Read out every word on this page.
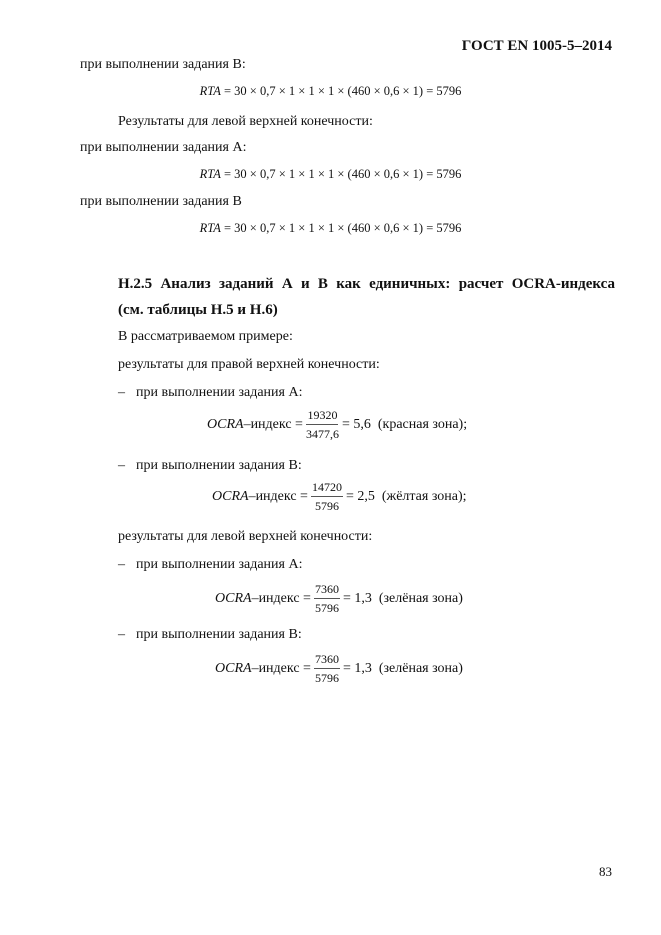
ГОСТ EN 1005-5–2014
при выполнении задания В:
RTA = 30 × 0,7 × 1 × 1 × 1 × (460 × 0,6 × 1) = 5796
Результаты для левой верхней конечности:
при выполнении задания А:
RTA = 30 × 0,7 × 1 × 1 × 1 × (460 × 0,6 × 1) = 5796
при выполнении задания В
RTA = 30 × 0,7 × 1 × 1 × 1 × (460 × 0,6 × 1) = 5796
Н.2.5 Анализ заданий А и В как единичных: расчет OCRA-индекса
(см. таблицы Н.5 и Н.6)
В рассматриваемом примере:
результаты для правой верхней конечности:
– при выполнении задания А:
OCRA –индекс = $\frac{19320}{3477,6} = 5,6$
(красная зона);
– при выполнении задания В:
OCRA –индекс = $\frac{14720}{5796} = 2,5$
(жёлтая зона);
результаты для левой верхней конечности:
– при выполнении задания А:
OCRA –индекс = $\frac{7360}{5796} = 1,3$
(зелёная зона)
– при выполнении задания В:
OCRA –индекс = $\frac{7360}{5796} = 1,3$
(зелёная зона)
83
